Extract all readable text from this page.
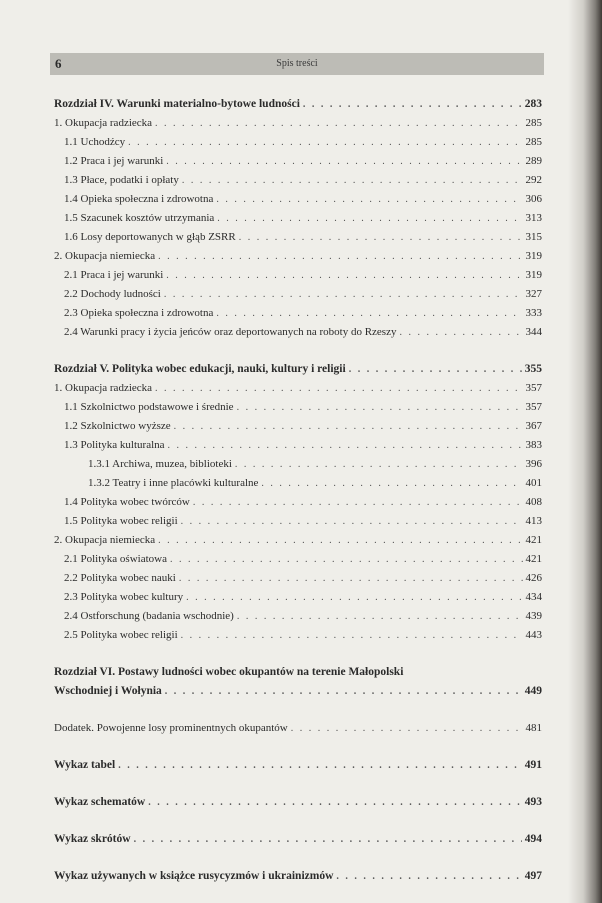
6	Spis treści
Rozdział IV. Warunki materialno-bytowe ludności . . .	283
1. Okupacja radziecka . . .	285
1.1 Uchodźcy . . .	285
1.2 Praca i jej warunki . . .	289
1.3 Płace, podatki i opłaty . . .	292
1.4 Opieka społeczna i zdrowotna . . .	306
1.5 Szacunek kosztów utrzymania . . .	313
1.6 Losy deportowanych w głąb ZSRR . . .	315
2. Okupacja niemiecka . . .	319
2.1 Praca i jej warunki . . .	319
2.2 Dochody ludności . . .	327
2.3 Opieka społeczna i zdrowotna . . .	333
2.4 Warunki pracy i życia jeńców oraz deportowanych na roboty do Rzeszy . . .	344
Rozdział V. Polityka wobec edukacji, nauki, kultury i religii . . .	355
1. Okupacja radziecka . . .	357
1.1 Szkolnictwo podstawowe i średnie . . .	357
1.2 Szkolnictwo wyższe . . .	367
1.3 Polityka kulturalna . . .	383
1.3.1 Archiwa, muzea, biblioteki . . .	396
1.3.2 Teatry i inne placówki kulturalne . . .	401
1.4 Polityka wobec twórców . . .	408
1.5 Polityka wobec religii . . .	413
2. Okupacja niemiecka . . .	421
2.1 Polityka oświatowa . . .	421
2.2 Polityka wobec nauki . . .	426
2.3 Polityka wobec kultury . . .	434
2.4 Ostforschung (badania wschodnie) . . .	439
2.5 Polityka wobec religii . . .	443
Rozdział VI. Postawy ludności wobec okupantów na terenie Małopolski
Wschodniej i Wołynia . . .	449
Dodatek. Powojenne losy prominentnych okupantów . . .	481
Wykaz tabel . . .	491
Wykaz schematów . . .	493
Wykaz skrótów . . .	494
Wykaz używanych w książce rusycyzmów i ukrainizmów . . .	497
